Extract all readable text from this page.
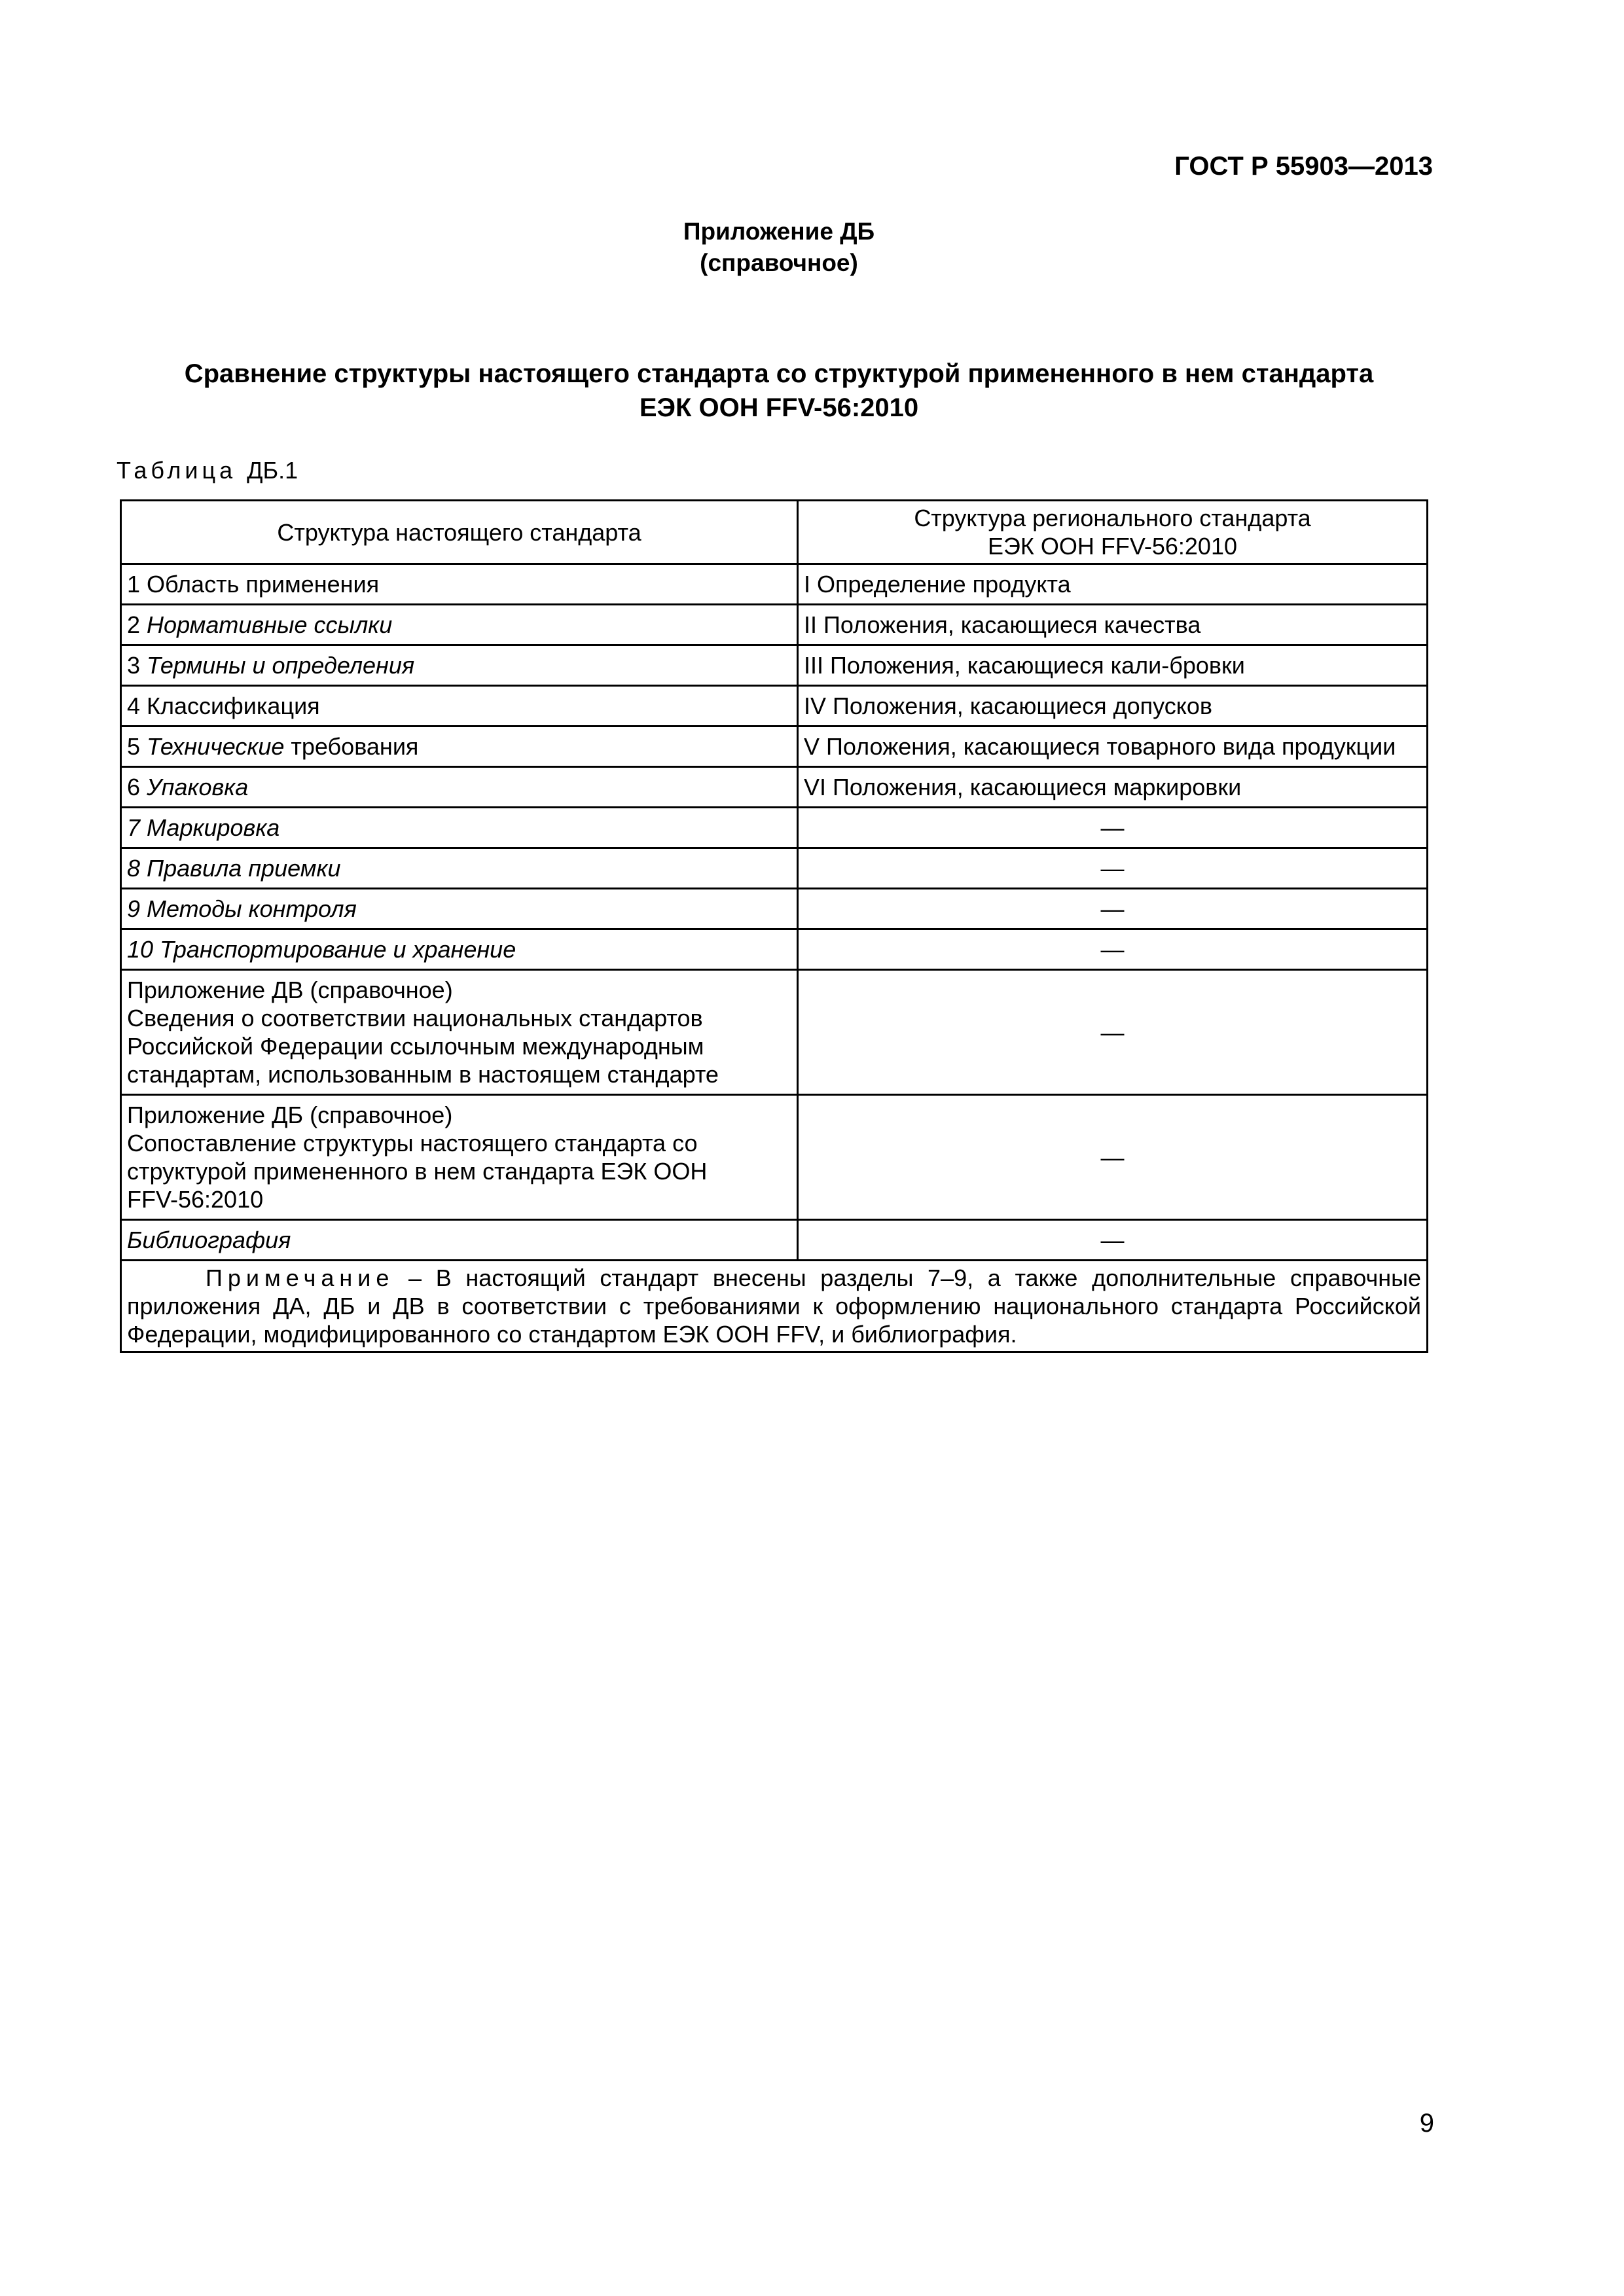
ГОСТ Р 55903—2013
Приложение ДБ
(справочное)
Сравнение структуры настоящего стандарта со структурой примененного в нем стандарта
ЕЭК ООН FFV-56:2010
Таблица ДБ.1
Структура настоящего стандарта	Структура регионального стандарта
ЕЭК ООН FFV-56:2010
1 Область применения	I Определение продукта
2 Нормативные ссылки	II Положения, касающиеся качества
3 Термины и определения	III Положения, касающиеся кали-бровки
4 Классификация	IV Положения, касающиеся допусков
5 Технические требования	V Положения, касающиеся товарного вида продукции
6 Упаковка	VI Положения, касающиеся маркировки
7 Маркировка	—
8 Правила приемки	—
9 Методы контроля	—
10 Транспортирование и хранение	—

Приложение ДВ (справочное)
Сведения о соответствии национальных стандартов
Российской Федерации ссылочным международным
стандартам, использованным в настоящем стандарте	—

Приложение ДБ (справочное)
Сопоставление структуры настоящего стандарта со
структурой примененного в нем стандарта ЕЭК ООН
FFV-56:2010	—
Библиография	—
Примечание – В настоящий стандарт внесены разделы 7–9, а также дополнительные справочные приложения ДА, ДБ и ДВ в соответствии с требованиями к оформлению национального стандарта Российской Федерации, модифицированного со стандартом ЕЭК ООН FFV, и библиография.	
9
